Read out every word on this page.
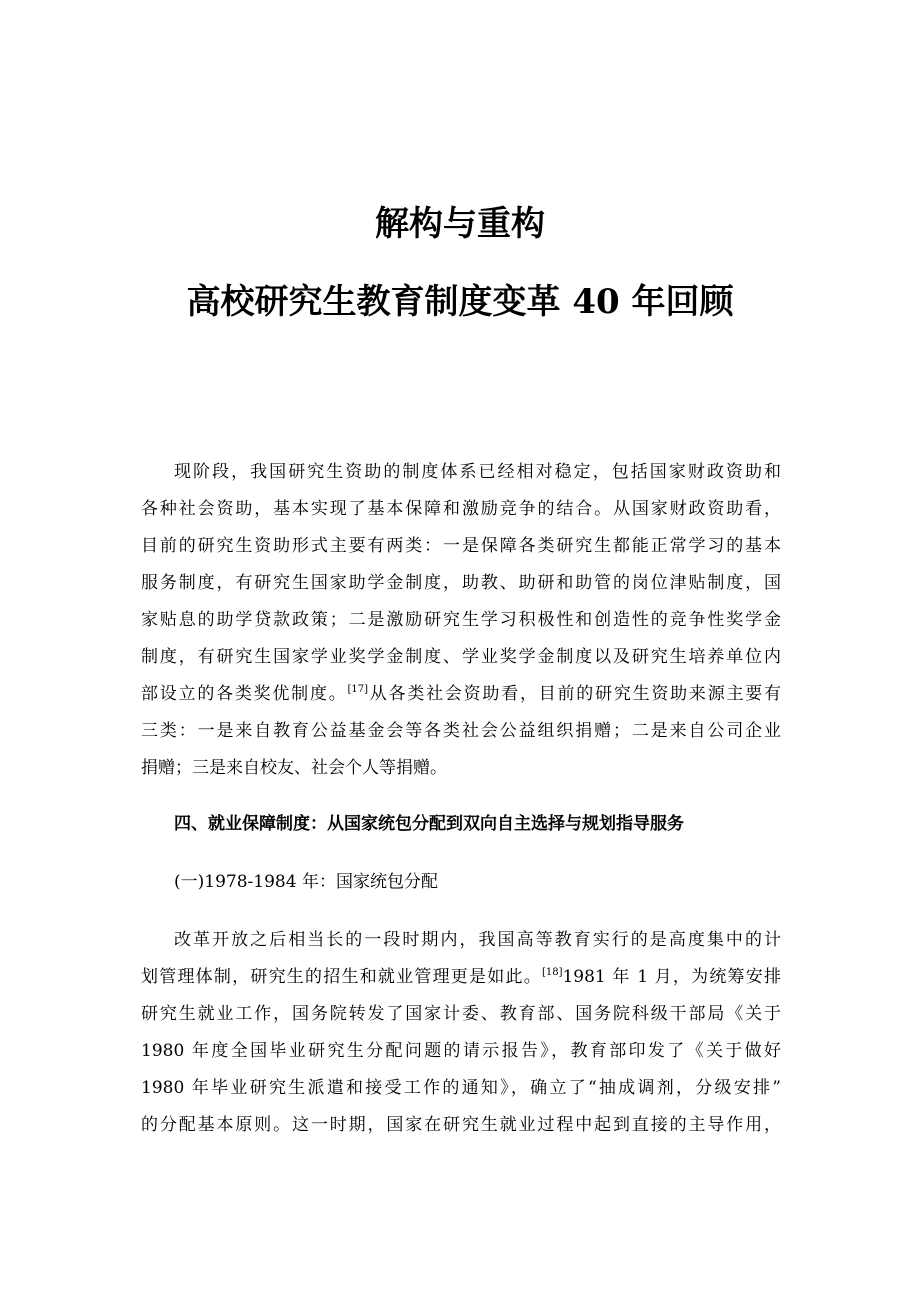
解构与重构
高校研究生教育制度变革 40 年回顾
现阶段，我国研究生资助的制度体系已经相对稳定，包括国家财政资助和
各种社会资助，基本实现了基本保障和激励竞争的结合。从国家财政资助看，
目前的研究生资助形式主要有两类：一是保障各类研究生都能正常学习的基本
服务制度，有研究生国家助学金制度，助教、助研和助管的岗位津贴制度，国
家贴息的助学贷款政策；二是激励研究生学习积极性和创造性的竞争性奖学金
制度，有研究生国家学业奖学金制度、学业奖学金制度以及研究生培养单位内
部设立的各类奖优制度。[17]从各类社会资助看，目前的研究生资助来源主要有
三类：一是来自教育公益基金会等各类社会公益组织捐赠；二是来自公司企业
捐赠；三是来自校友、社会个人等捐赠。
四、就业保障制度：从国家统包分配到双向自主选择与规划指导服务
(一)1978-1984 年：国家统包分配
改革开放之后相当长的一段时期内，我国高等教育实行的是高度集中的计
划管理体制，研究生的招生和就业管理更是如此。[18]1981 年 1 月，为统筹安排
研究生就业工作，国务院转发了国家计委、教育部、国务院科级干部局《关于
1980 年度全国毕业研究生分配问题的请示报告》，教育部印发了《关于做好
1980 年毕业研究生派遣和接受工作的通知》，确立了“抽成调剂，分级安排”
的分配基本原则。这一时期，国家在研究生就业过程中起到直接的主导作用，
